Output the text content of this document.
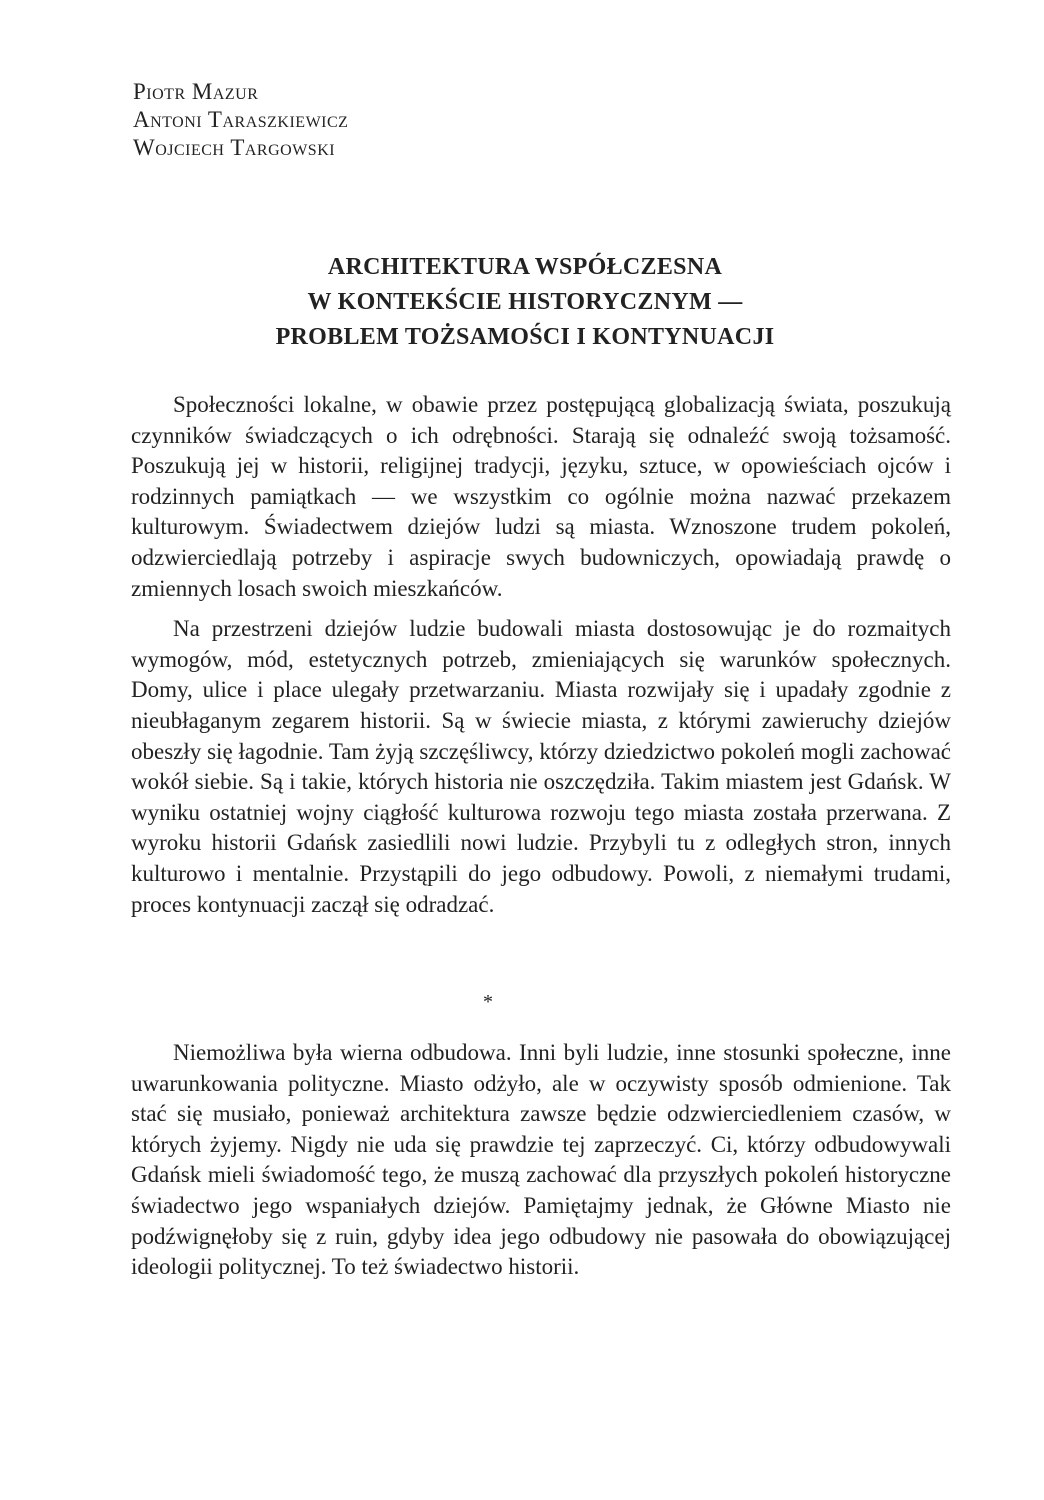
Piotr Mazur
Antoni Taraszkiewicz
Wojciech Targowski
ARCHITEKTURA WSPÓŁCZESNA
W KONTEKŚCIE HISTORYCZNYM —
PROBLEM TOŻSAMOŚCI I KONTYNUACJI

Społeczności lokalne, w obawie przez postępującą globalizacją świata, poszukują czynników świadczących o ich odrębności. Starają się odnaleźć swoją tożsamość. Poszukują jej w historii, religijnej tradycji, języku, sztuce, w opowieściach ojców i rodzinnych pamiątkach — we wszystkim co ogólnie można nazwać przekazem kulturowym. Świadectwem dziejów ludzi są miasta. Wznoszone trudem pokoleń, odzwierciedlają potrzeby i aspiracje swych budowniczych, opowiadają prawdę o zmiennych losach swoich mieszkańców.

Na przestrzeni dziejów ludzie budowali miasta dostosowując je do rozmaitych wymogów, mód, estetycznych potrzeb, zmieniających się warunków społecznych. Domy, ulice i place ulegały przetwarzaniu. Miasta rozwijały się i upadały zgodnie z nieubłaganym zegarem historii. Są w świecie miasta, z którymi zawieruchy dziejów obeszły się łagodnie. Tam żyją szczęśliwcy, którzy dziedzictwo pokoleń mogli zachować wokół siebie. Są i takie, których historia nie oszczędziła. Takim miastem jest Gdańsk. W wyniku ostatniej wojny ciągłość kulturowa rozwoju tego miasta została przerwana. Z wyroku historii Gdańsk zasiedlili nowi ludzie. Przybyli tu z odległych stron, innych kulturowo i mentalnie. Przystąpili do jego odbudowy. Powoli, z niemałymi trudami, proces kontynuacji zaczął się odradzać.

*

Niemożliwa była wierna odbudowa. Inni byli ludzie, inne stosunki społeczne, inne uwarunkowania polityczne. Miasto odżyło, ale w oczywisty sposób odmienione. Tak stać się musiało, ponieważ architektura zawsze będzie odzwierciedleniem czasów, w których żyjemy. Nigdy nie uda się prawdzie tej zaprzeczyć. Ci, którzy odbudowywali Gdańsk mieli świadomość tego, że muszą zachować dla przyszłych pokoleń historyczne świadectwo jego wspaniałych dziejów. Pamiętajmy jednak, że Główne Miasto nie podźwignęłoby się z ruin, gdyby idea jego odbudowy nie pasowała do obowiązującej ideologii politycznej. To też świadectwo historii.
